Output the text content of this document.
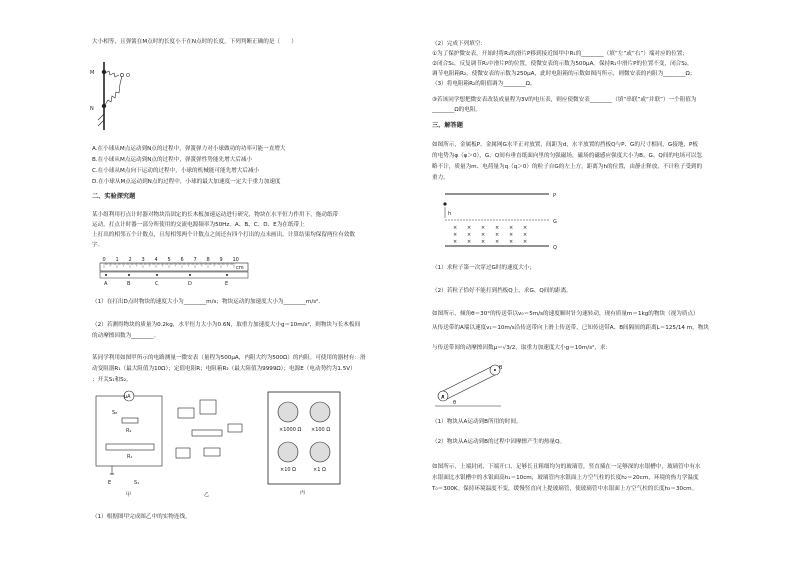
大小相等，且弹簧在M点时的长度小于在N点时的长度，下列判断正确的是（　　）
M	O
N
A.在小球从M点运动到N点的过程中，弹簧弹力对小球做功的功率可能一直增大
B.在小球从M点运动到N点的过程中，弹簧弹性势能先增大后减小
C.在小球从M点向下运动的过程中，小球的机械能可能先增大后减小
D.在小球从M点运动到N点的过程中，小球的最大加速度一定大于重力加速度
二、实验探究题
某小组利用打点计时器对物块沿固定的长木板加速运动进行研究，物块在水平恒力作用下，拖动纸带
运动。打点计时器一部分所使用的交流电源频率为50Hz。A、B、C、D、E为在纸带上
上打出的相邻五个计数点，且每相邻两个计数点之间还有四个打出的点未画出。计算结果均保留两位有效数
字。
0 1 2 3 4 5 6 7 8 9 10
A	B	C	D	E
cm
（1）在打出D点时物块的速度大小为________m/s；物块运动的加速度大小为________m/s².
（2）若测得物块的质量为0.2kg，水平恒力大小为0.6N，取重力加速度大小g＝10m/s²，则物块与长木板间
的动摩擦因数为________。
某同学利用如图甲所示的电路测量一微安表（量程为500μA，内阻大约为500Ω）的内阻。可使用的器材有：滑
动变阻器R₁（最大阻值为10Ω）；定值电阻R；电阻箱R₂（最大阻值为9999Ω）；电源E（电动势约为1.5V）
；开关S₁和S₂。
μA
R₂
S₂
R₁
E	S₁
甲	乙
×1000 Ω ×100 Ω
×10 Ω	×1 Ω
丙
（1）根据图甲完成图乙中的实物连线。
（2）完成下列填空：
①为了保护微安表，开始时将R₁的滑片P移到接近图甲中R₁的________（填“左”或“右”）端对应的位置；
②闭合S₁，反复调节R₁中滑片P的位置，使微安表的示数为500μA。保持R₁中滑片P的位置不变，闭合S₂，
调节电阻箱R₂，使微安表的示数为250μA，此时电阻箱的示数如图丙所示，则微安表的内阻为________Ω；
（3）将电阻箱R₂的阻值调为________Ω。
③若该同学想把微安表改装成量程为3V的电压表，则应使微安表________（填“串联”或“并联”）一个阻值为
________Ω的电阻。
三、解答题
如图所示，金属板P、金属网G水平正对放置，间距为d，水平放置的挡板Q与P、G的尺寸相同，G接地，P板
的电势为φ（φ＞0），G、Q间有垂直纸面向里的匀强磁场，磁场的磁感应强度大小为B。G、Q间的电场可以忽
略不计，质量为m、电荷量为q（q＞0）的粒子自G的左上方，距离为h的位置，由静止释放，不计粒子受到的
重力。
P
h
G
× × × × × ×
× × × × × ×
× × × × × ×
Q
（1）求粒子第一次穿过G时的速度大小；
（2）若粒子恰好不能打到挡板Q上，求G、Q间的距离。
如图所示，倾角θ＝30°的传送带以v₀＝5m/s的速度顺时针匀速转动，现有质量m＝1kg的物块（视为质点）
从传送带的A端以速度v₁＝10m/s沿传送带向上滑上传送带，已知传送带A、B间隔间的距离L＝125/14 m，物块
与传送带间的动摩擦因数μ＝√3/2，取重力加速度大小g＝10m/s²，求：
A
B
θ
（1）物块从A运动到B所用的时间。
（2）物块从A运动到B的过程中因摩擦产生的热量Q。
如图所示，上端封闭、下端开口、足够长且粗细均匀的玻璃管，竖直插在一足够深的水银槽中，玻璃管中有水
水银面比水银槽中的水银面高h₁＝10cm，玻璃管内水银面上方空气柱的长度h₂＝20cm，环境的热力学温度
T₀＝300K。保持环境温度不变，缓慢竖直向上提玻璃管，使玻璃管中水银面上方空气柱的长度h₃＝30cm。
